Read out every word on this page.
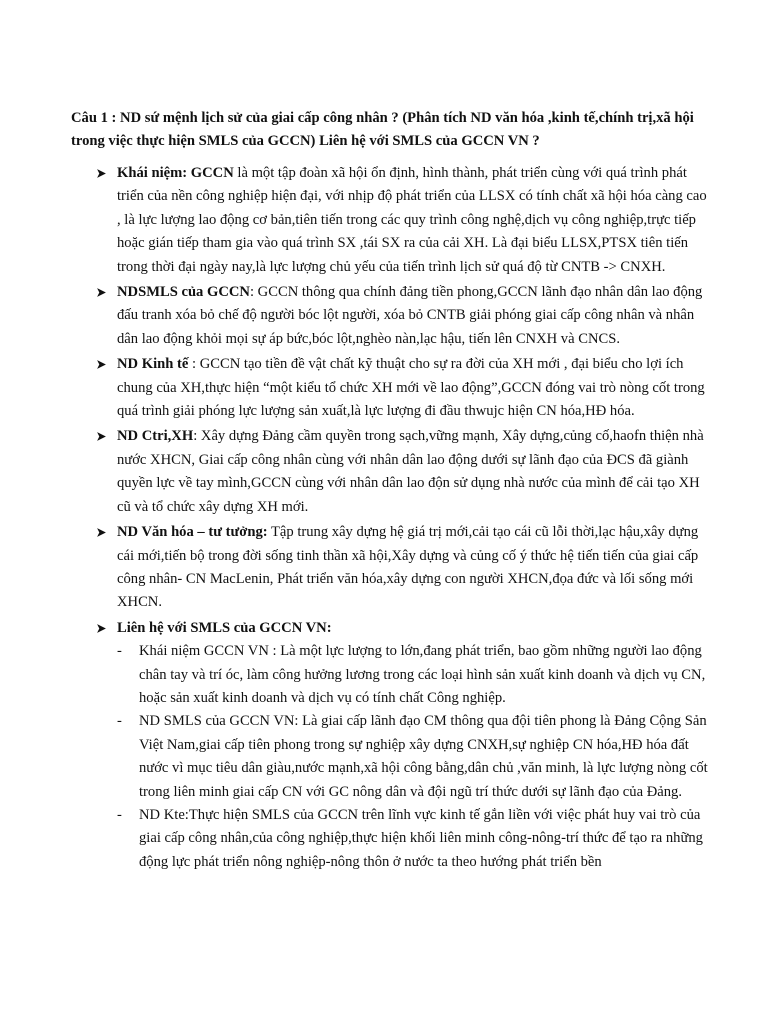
Câu 1 : ND sứ mệnh lịch sử của giai cấp công nhân ? (Phân tích ND văn hóa ,kinh tế,chính trị,xã hội trong việc thực hiện SMLS của GCCN) Liên hệ với SMLS của GCCN VN ?

Khái niệm: GCCN là một tập đoàn xã hội ổn định, hình thành, phát triển cùng với quá trình phát triển của nền công nghiệp hiện đại, với nhịp độ phát triển của LLSX có tính chất xã hội hóa càng cao , là lực lượng lao động cơ bản,tiên tiến trong các quy trình công nghệ,dịch vụ công nghiệp,trực tiếp hoặc gián tiếp tham gia vào quá trình SX ,tái SX ra của cải XH. Là đại biểu LLSX,PTSX tiên tiến trong thời đại ngày nay,là lực lượng chủ yếu của tiến trình lịch sử quá độ từ CNTB -> CNXH.
NDSMLS của GCCN: GCCN thông qua chính đảng tiền phong,GCCN lãnh đạo nhân dân lao động đấu tranh xóa bỏ chế độ người bóc lột người, xóa bỏ CNTB giải phóng giai cấp công nhân và nhân dân lao động khỏi mọi sự áp bức,bóc lột,nghèo nàn,lạc hậu, tiến lên CNXH và CNCS.
ND Kinh tế : GCCN tạo tiền đề vật chất kỹ thuật cho sự ra đời của XH mới , đại biểu cho lợi ích chung của XH,thực hiện “một kiểu tổ chức XH mới về lao động”,GCCN đóng vai trò nòng cốt trong quá trình giải phóng lực lượng sản xuất,là lực lượng đi đầu thwujc hiện CN hóa,HĐ hóa.
ND Ctri,XH: Xây dựng Đảng cầm quyền trong sạch,vững mạnh, Xây dựng,củng cố,haofn thiện nhà nước XHCN, Giai cấp công nhân cùng với nhân dân lao động dưới sự lãnh đạo của ĐCS đã giành quyền lực về tay mình,GCCN cùng với nhân dân lao độn sử dụng nhà nước của mình để cải tạo XH cũ và tổ chức xây dựng XH mới.
ND Văn hóa – tư tưởng: Tập trung xây dựng hệ giá trị mới,cải tạo cái cũ lỗi thời,lạc hậu,xây dựng cái mới,tiến bộ trong đời sống tinh thần xã hội,Xây dựng và củng cố ý thức hệ tiến tiến của giai cấp công nhân- CN MacLenin, Phát triển văn hóa,xây dựng con người XHCN,đọa đức và lối sống mới XHCN.
Liên hệ với SMLS của GCCN VN:
- Khái niệm GCCN VN : Là một lực lượng to lớn,đang phát triển, bao gồm những người lao động chân tay và trí óc, làm công hưởng lương trong các loại hình sản xuất kinh doanh và dịch vụ CN, hoặc sản xuất kinh doanh và dịch vụ có tính chất Công nghiệp.
- ND SMLS của GCCN VN: Là giai cấp lãnh đạo CM thông qua đội tiên phong là Đảng Cộng Sản Việt Nam,giai cấp tiên phong trong sự nghiệp xây dựng CNXH,sự nghiệp CN hóa,HĐ hóa đất nước vì mục tiêu dân giàu,nước mạnh,xã hội công bằng,dân chủ ,văn minh, là lực lượng nòng cốt trong liên minh giai cấp CN với GC nông dân và đội ngũ trí thức dưới sự lãnh đạo của Đảng.
- ND Kte:Thực hiện SMLS của GCCN trên lĩnh vực kinh tế gắn liền với việc phát huy vai trò của giai cấp công nhân,của công nghiệp,thực hiện khối liên minh công-nông-trí thức để tạo ra những động lực phát triển nông nghiệp-nông thôn ở nước ta theo hướng phát triển bền
